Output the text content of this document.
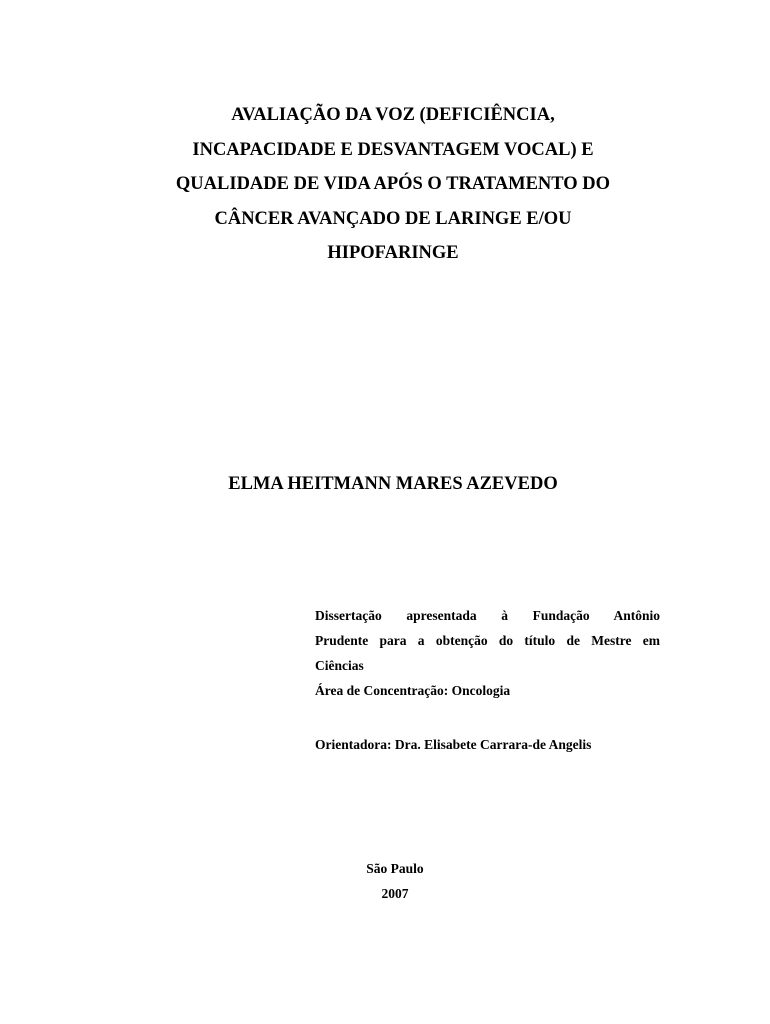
AVALIAÇÃO DA VOZ (DEFICIÊNCIA,
INCAPACIDADE E DESVANTAGEM VOCAL) E
QUALIDADE DE VIDA APÓS O TRATAMENTO DO
CÂNCER AVANÇADO DE LARINGE E/OU
HIPOFARINGE
ELMA HEITMANN MARES AZEVEDO
Dissertação apresentada à Fundação Antônio
Prudente para a obtenção do título de Mestre em
Ciências
Área de Concentração: Oncologia
Orientadora: Dra. Elisabete Carrara-de Angelis
São Paulo
2007
